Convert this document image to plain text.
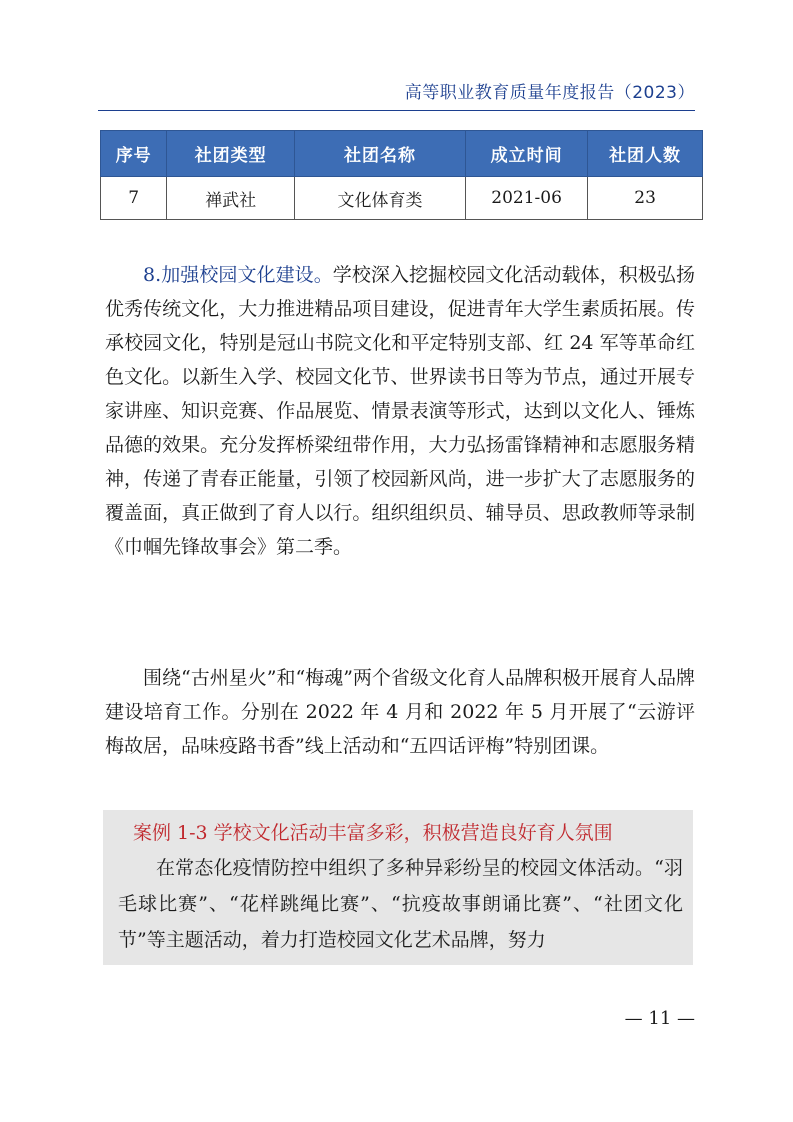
高等职业教育质量年度报告（2023）
序号	社团类型	社团名称	成立时间	社团人数
7	禅武社	文化体育类	2021-06	23

8.加强校园文化建设。学校深入挖掘校园文化活动载体，积极弘扬优秀传统文化，大力推进精品项目建设，促进青年大学生素质拓展。传承校园文化，特别是冠山书院文化和平定特别支部、红 24 军等革命红色文化。以新生入学、校园文化节、世界读书日等为节点，通过开展专家讲座、知识竞赛、作品展览、情景表演等形式，达到以文化人、锤炼品德的效果。充分发挥桥梁纽带作用，大力弘扬雷锋精神和志愿服务精神，传递了青春正能量，引领了校园新风尚，进一步扩大了志愿服务的覆盖面，真正做到了育人以行。组织组织员、辅导员、思政教师等录制《巾帼先锋故事会》第二季。

围绕“古州星火”和“梅魂”两个省级文化育人品牌积极开展育人品牌建设培育工作。分别在 2022 年 4 月和 2022 年 5 月开展了“云游评梅故居，品味疫路书香”线上活动和“五四话评梅”特别团课。

案例 1-3 学校文化活动丰富多彩，积极营造良好育人氛围

在常态化疫情防控中组织了多种异彩纷呈的校园文体活动。“羽毛球比赛”、“花样跳绳比赛”、“抗疫故事朗诵比赛”、“社团文化节”等主题活动，着力打造校园文化艺术品牌，努力

— 11 —
